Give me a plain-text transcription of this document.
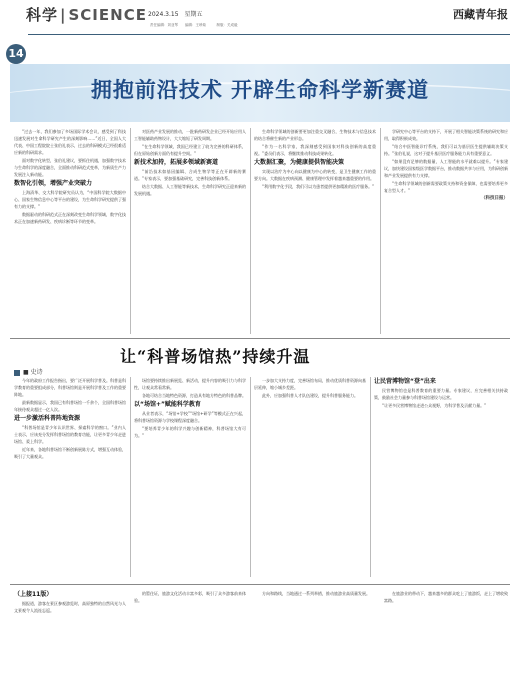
科学 | SCIENCE 2024.3.15　星期五	西藏青年报
责任编辑：刘亚琴　　编辑：王珍菊　　　制版：关成毅
14
拥抱前沿技术 开辟生命科学新赛道

“过去一年，我们参加了多场国际学术会议，感受到了科技迅速发展对生命科学研究产生的深刻影响……”近日，全国人大代表、中国工程院院士张伯礼表示，过去的科研模式已经很难适应新的科研需求。

面对数字化转型，张伯礼建议，要抓住机遇，加强数字技术与生命科学的深度融合，全面推动科研范式变革，为新质生产力发展注入新动能。

数智化引领，增强产业突破力

上海清华、交大科学院研究员认为，“中国科学院大数据中心、国家生物信息中心等平台的建设，为生命科学研究提供了强有力的支撑。”

数据驱动的科研范式正在深刻改变生命科学领域，数字化技术正在加速新药研发、疾病诊断等环节的变革。

对医药产业发展的推动，一批新药研发企业已经开始应用人工智能辅助药物设计，大大缩短了研发周期。

“在生命科学领域，我国已经建立了较为完善的科研体系，但在原始创新方面仍有提升空间。”

新技术加持，拓展多领域新赛道

“前沿技术如基因编辑、合成生物学等正在开辟新的赛道。”专家表示，要加强基础研究，完善科技创新体系。

结合大数据、人工智能等新技术，生命科学研究正迎来新的发展机遇。

生命科学领域的创新要更加注重交叉融合，生物技术与信息技术的结合将催生新的产业形态。

“作为一名科学家，我深刻感受到国家对科技创新的高度重视。”委员们表示，将继续推动科技成果转化。

大数据汇聚，为健康提供智能决策

实现以治疗为中心向以健康为中心的转变，是卫生健康工作的重要方向。大数据在疾病预测、健康管理中发挥着越来越重要的作用。

“利用数字化手段，我们可以为患者提供更加精准的医疗服务。”

学研究中心等平台的支持下，开展了相关智能决策系统的研究和应用，取得积极成效。

“结合中医智能诊疗系统，我们可以为基层医生提供辅助决策支持。”张伯礼说，这对于提升基层医疗服务能力具有重要意义。

“如果没有足够的数据量，人工智能的水平就难以提升。”专家建议，加快建设国家级医学数据平台，推动数据共享与应用，为科研创新和产业发展提供有力支撑。

“生命科学领域的创新需要政策支持和资金保障，也需要培养更多复合型人才。”

（科技日报）

让“科普场馆热”持续升温
■ 史诗

今年的政府工作报告指出，要广泛开展科学普及。科普是科学教育的重要组成部分，科普场馆则是开展科学普及工作的重要阵地。

最新数据显示，我国已有科普场馆一千余个，全国科普场馆年接待观众超过一亿人次。

进一步激活科普阵地资源

“科普场馆是青少年认识世界、探索科学的窗口。”业内人士表示，应该充分发挥科普场馆的教育功能，让更多青少年走进场馆、爱上科学。

近年来，各地科普场馆不断创新展陈方式，增强互动体验，吸引了大量观众。

场馆要持续推出新展览、新活动，提升内容的吸引力与科学性，让观众常看常新。

各地可结合当地特色资源，打造具有地方特色的科普品牌。

以“场馆+”赋能科学教育

从业者表示，“场馆+学校”“场馆+研学”等模式正在兴起，将科普场馆资源与学校课程深度融合。

“要培养青少年的科学兴趣与创新精神，科普场馆大有可为。”

一步加大支持力度，完善场馆布局，推动优质科普资源向基层延伸，缩小城乡差距。

此外，应加强科普人才队伍建设，提升科普服务能力。

让民营博物馆“登”出来

民营博物馆也是科普教育的重要力量。专家建议，应完善相关扶持政策，鼓励社会力量参与科普场馆建设与运营。

“让更多民营博物馆走进公众视野，为科学普及贡献力量。”

（上接11版）

据报道，游客在景区参观游览时，高原独特的自然风光与人文景观令人流连忘返。

的暂住证，旅游文化活动丰富多彩，吸引了众多游客前来体验。

方向和路线，当地通过一系列举措，推动旅游业高质量发展。	在旅游业的带动下，越来越多的群众吃上了旅游饭，走上了增收致富路。
